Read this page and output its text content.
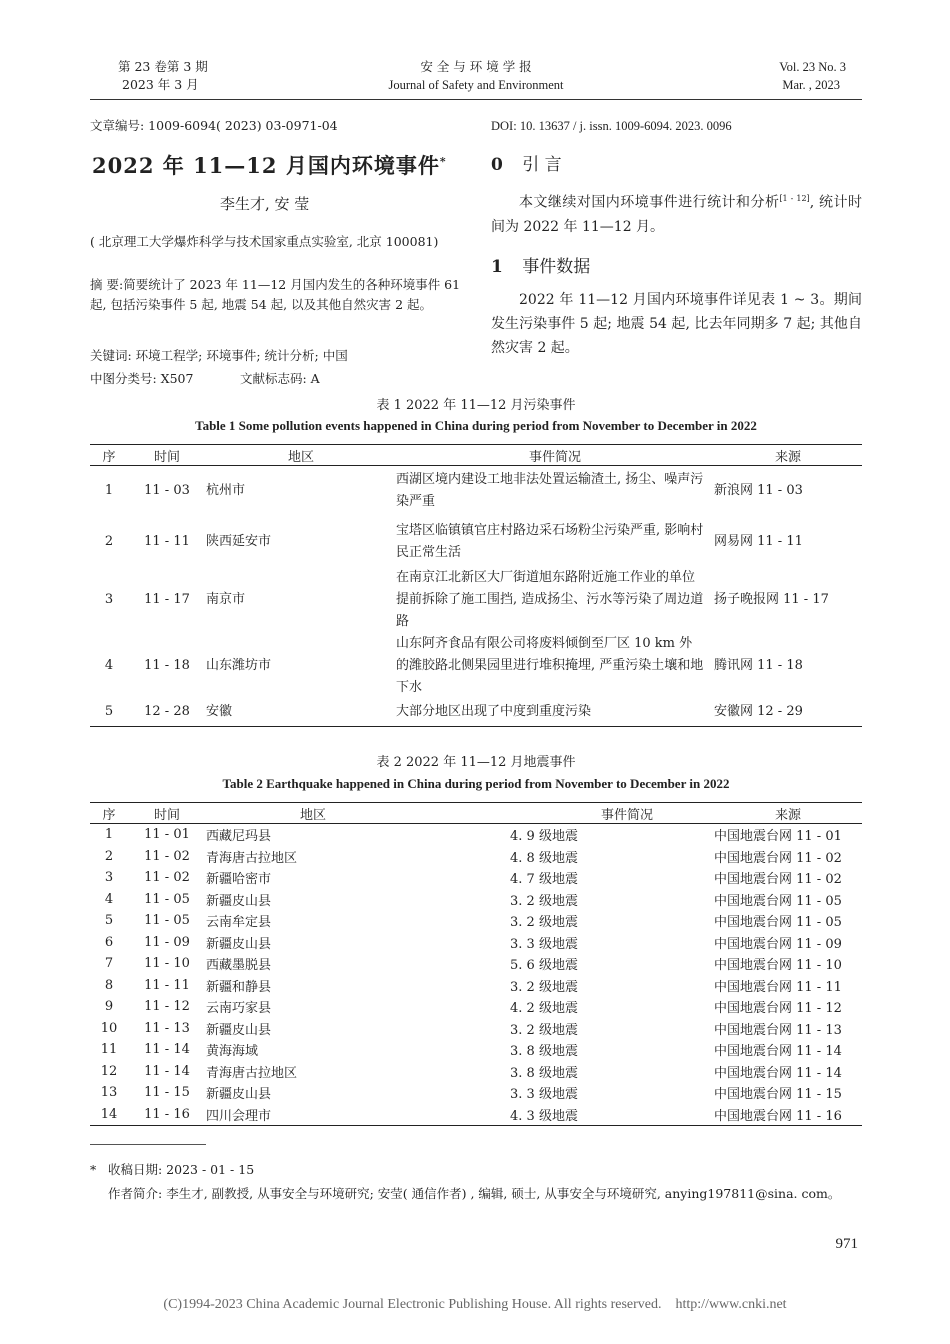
第 23 卷第 3 期
2023 年 3 月
安 全 与 环 境 学 报
Journal of Safety and Environment
Vol. 23 No. 3
Mar. , 2023
文章编号: 1009-6094( 2023) 03-0971-04
2022 年 11—12 月国内环境事件*
李生才, 安 莹
( 北京理工大学爆炸科学与技术国家重点实验室, 北京 100081)
摘 要:简要统计了 2023 年 11—12 月国内发生的各种环境事件 61 起, 包括污染事件 5 起, 地震 54 起, 以及其他自然灾害 2 起。
关键词: 环境工程学; 环境事件; 统计分析; 中国
中图分类号: X507	文献标志码: A
DOI: 10. 13637 / j. issn. 1009-6094. 2023. 0096
0 引 言
本文继续对国内环境事件进行统计和分析[1 - 12], 统计时间为 2022 年 11—12 月。
1 事件数据
2022 年 11—12 月国内环境事件详见表 1 ~ 3。期间发生污染事件 5 起; 地震 54 起, 比去年同期多 7 起; 其他自然灾害 2 起。
表 1 2022 年 11—12 月污染事件
Table 1 Some pollution events happened in China during period from November to December in 2022
序	时间	地区	事件简况	来源
1	11 - 03	杭州市	西湖区境内建设工地非法处置运输渣土, 扬尘、噪声污染严重	新浪网 11 - 03
2	11 - 11	陕西延安市	宝塔区临镇镇官庄村路边采石场粉尘污染严重, 影响村民正常生活	网易网 11 - 11
3	11 - 17	南京市	在南京江北新区大厂街道旭东路附近施工作业的单位提前拆除了施工围挡, 造成扬尘、污水等污染了周边道路	扬子晚报网 11 - 17
4	11 - 18	山东潍坊市	山东阿齐食品有限公司将废料倾倒至厂区 10 km 外的潍胶路北侧果园里进行堆积掩埋, 严重污染土壤和地下水	腾讯网 11 - 18
5	12 - 28	安徽	大部分地区出现了中度到重度污染	安徽网 12 - 29
表 2 2022 年 11—12 月地震事件
Table 2 Earthquake happened in China during period from November to December in 2022
序	时间	地区	事件简况	来源
1	11 - 01	西藏尼玛县	4. 9 级地震	中国地震台网 11 - 01
2	11 - 02	青海唐古拉地区	4. 8 级地震	中国地震台网 11 - 02
3	11 - 02	新疆哈密市	4. 7 级地震	中国地震台网 11 - 02
4	11 - 05	新疆皮山县	3. 2 级地震	中国地震台网 11 - 05
5	11 - 05	云南牟定县	3. 2 级地震	中国地震台网 11 - 05
6	11 - 09	新疆皮山县	3. 3 级地震	中国地震台网 11 - 09
7	11 - 10	西藏墨脱县	5. 6 级地震	中国地震台网 11 - 10
8	11 - 11	新疆和静县	3. 2 级地震	中国地震台网 11 - 11
9	11 - 12	云南巧家县	4. 2 级地震	中国地震台网 11 - 12
10	11 - 13	新疆皮山县	3. 2 级地震	中国地震台网 11 - 13
11	11 - 14	黄海海域	3. 8 级地震	中国地震台网 11 - 14
12	11 - 14	青海唐古拉地区	3. 8 级地震	中国地震台网 11 - 14
13	11 - 15	新疆皮山县	3. 3 级地震	中国地震台网 11 - 15
14	11 - 16	四川会理市	4. 3 级地震	中国地震台网 11 - 16
* 收稿日期: 2023 - 01 - 15
作者简介: 李生才, 副教授, 从事安全与环境研究; 安莹( 通信作者) , 编辑, 硕士, 从事安全与环境研究, anying197811@sina. com。
971
(C)1994-2023 China Academic Journal Electronic Publishing House. All rights reserved.    http://www.cnki.net
